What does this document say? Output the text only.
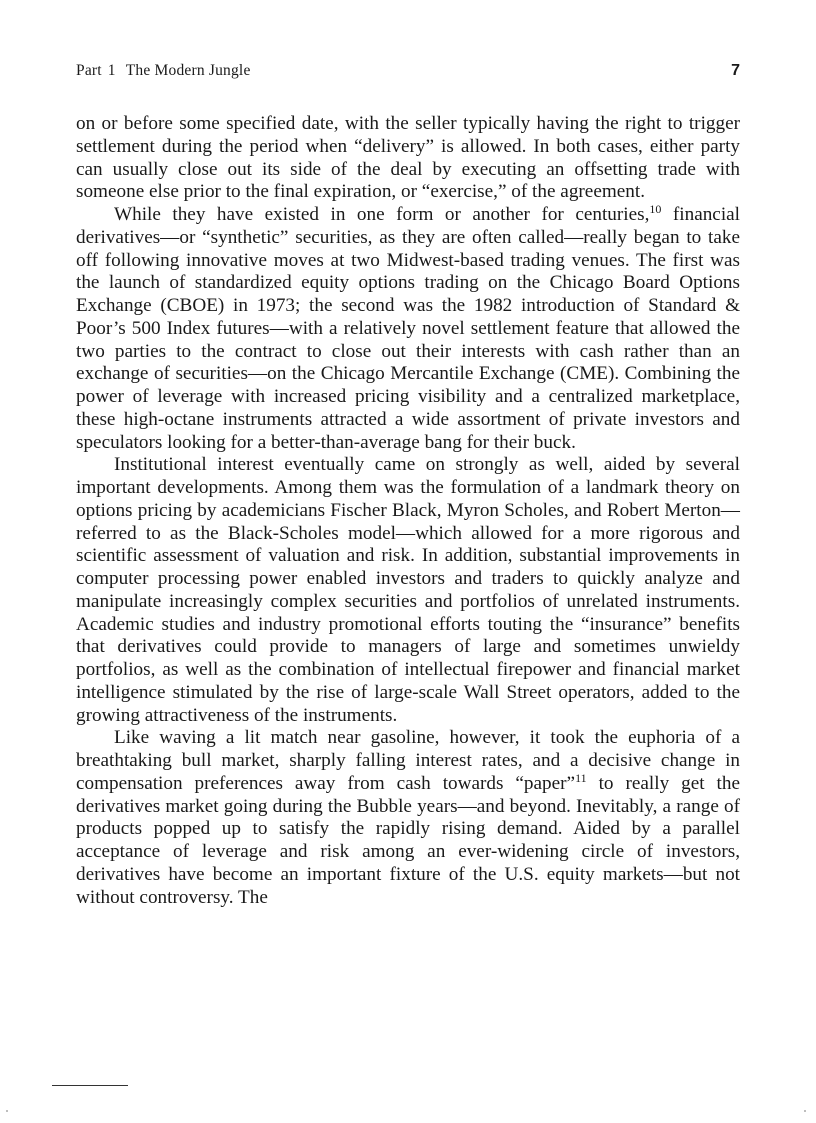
Part 1 The Modern Jungle	7

on or before some specified date, with the seller typically having the right to trigger settlement during the period when “delivery” is allowed. In both cases, either party can usually close out its side of the deal by executing an offsetting trade with someone else prior to the final expiration, or “exercise,” of the agreement.

While they have existed in one form or another for centuries,$^{10}$ financial derivatives—or “synthetic” securities, as they are often called—really began to take off following innovative moves at two Midwest-based trading venues. The first was the launch of standardized equity options trading on the Chicago Board Options Exchange (CBOE) in 1973; the second was the 1982 introduction of Standard & Poor’s 500 Index futures—with a relatively novel settlement feature that allowed the two parties to the contract to close out their interests with cash rather than an exchange of securities—on the Chicago Mercantile Exchange (CME). Combining the power of leverage with increased pricing visibility and a centralized marketplace, these high-octane instruments attracted a wide assortment of private investors and speculators looking for a better-than-average bang for their buck.

Institutional interest eventually came on strongly as well, aided by several important developments. Among them was the formulation of a landmark theory on options pricing by academicians Fischer Black, Myron Scholes, and Robert Merton—referred to as the Black-Scholes model—which allowed for a more rigorous and scientific assessment of valuation and risk. In addition, substantial improvements in computer processing power enabled investors and traders to quickly analyze and manipulate increasingly complex securities and portfolios of unrelated instruments. Academic studies and industry promotional efforts touting the “insurance” benefits that derivatives could provide to managers of large and sometimes unwieldy portfolios, as well as the combination of intellectual firepower and financial market intelligence stimulated by the rise of large-scale Wall Street operators, added to the growing attractiveness of the instruments.

Like waving a lit match near gasoline, however, it took the euphoria of a breathtaking bull market, sharply falling interest rates, and a decisive change in compensation preferences away from cash towards “paper”$^{11}$ to really get the derivatives market going during the Bubble years—and beyond. Inevitably, a range of products popped up to satisfy the rapidly rising demand. Aided by a parallel acceptance of leverage and risk among an ever-widening circle of investors, derivatives have become an important fixture of the U.S. equity markets—but not without controversy. The
